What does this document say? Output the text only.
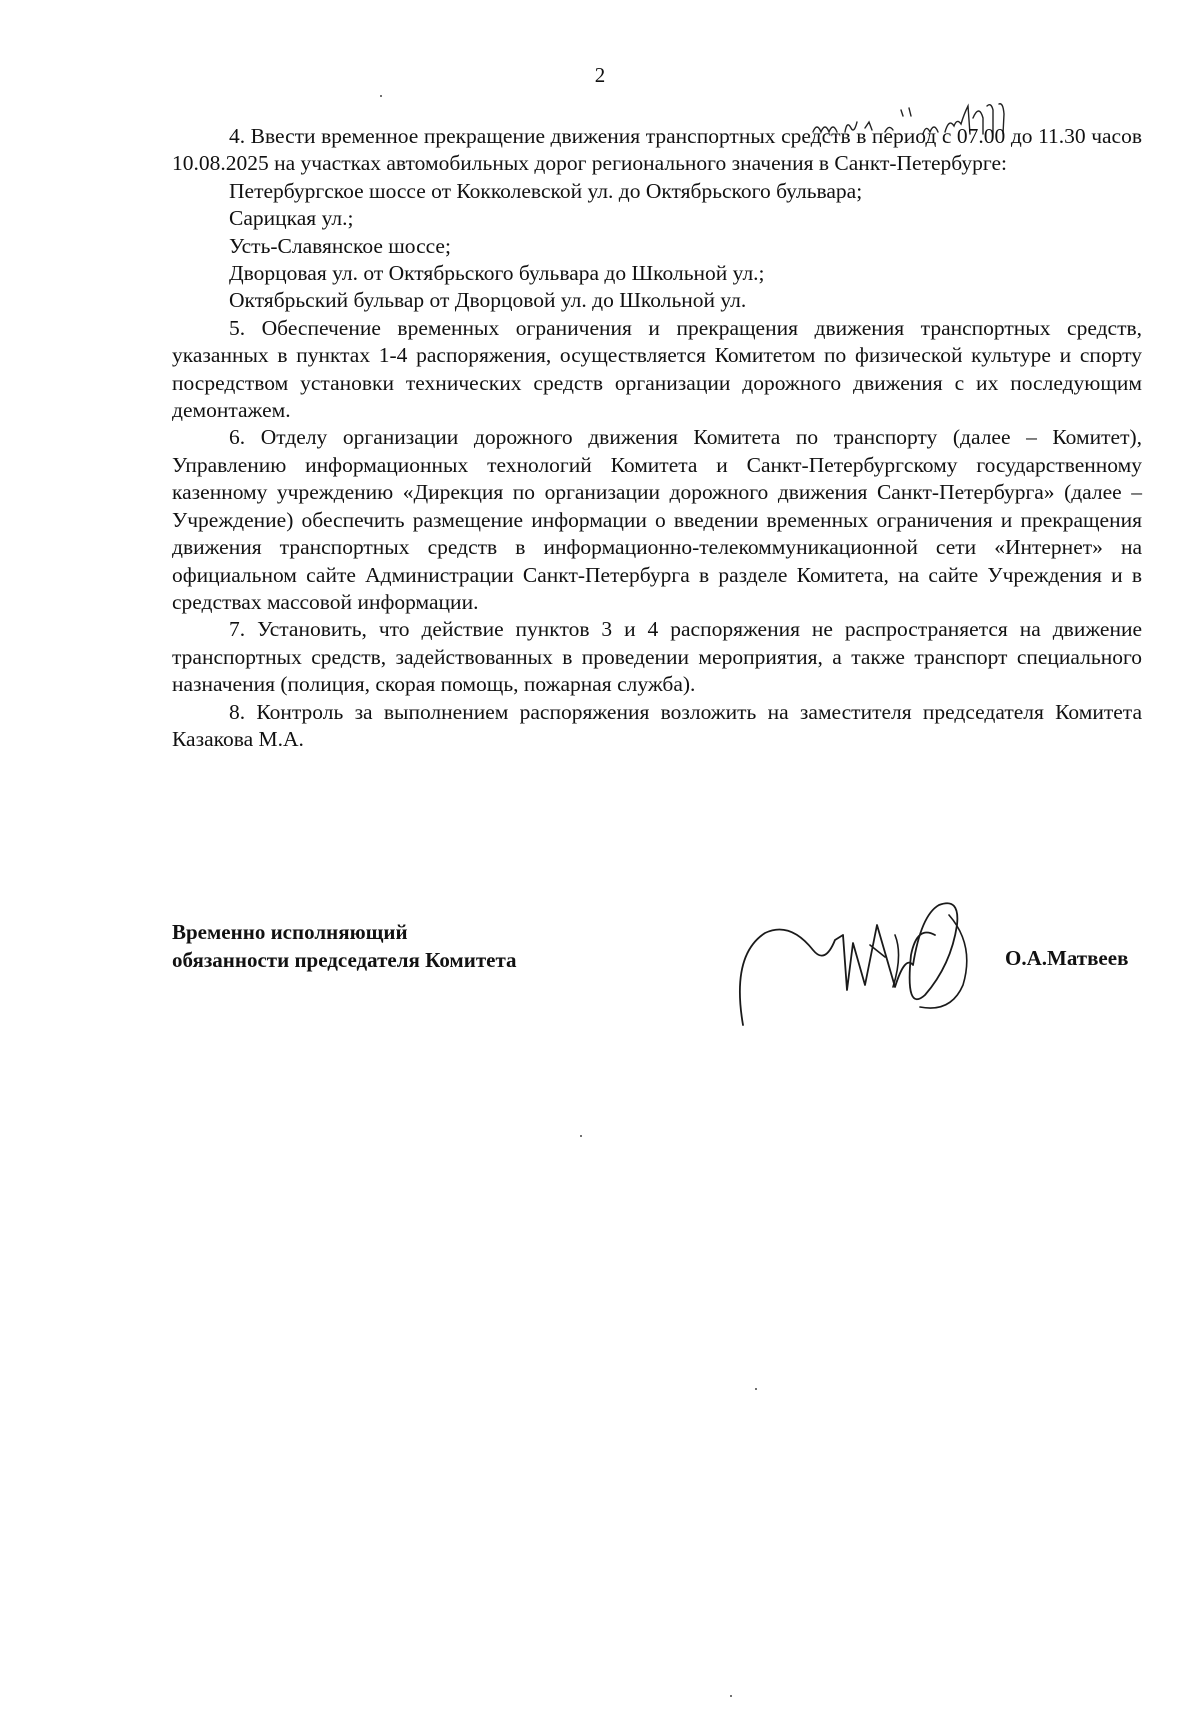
2

4. Ввести временное прекращение движения транспортных средств в период с 07.00 до 11.30 часов 10.08.2025 на участках автомобильных дорог регионального значения в Санкт-Петербурге:

Петербургское шоссе от Кокколевской ул. до Октябрьского бульвара;

Сарицкая ул.;

Усть-Славянское шоссе;

Дворцовая ул. от Октябрьского бульвара до Школьной ул.;

Октябрьский бульвар от Дворцовой ул. до Школьной ул.

5. Обеспечение временных ограничения и прекращения движения транспортных средств, указанных в пунктах 1-4 распоряжения, осуществляется Комитетом по физической культуре и спорту посредством установки технических средств организации дорожного движения с их последующим демонтажем.

6. Отделу организации дорожного движения Комитета по транспорту (далее – Комитет), Управлению информационных технологий Комитета и Санкт-Петербургскому государственному казенному учреждению «Дирекция по организации дорожного движения Санкт-Петербурга» (далее – Учреждение) обеспечить размещение информации о введении временных ограничения и прекращения движения транспортных средств в информационно-телекоммуникационной сети «Интернет» на официальном сайте Администрации Санкт-Петербурга в разделе Комитета, на сайте Учреждения и в средствах массовой информации.

7. Установить, что действие пунктов 3 и 4 распоряжения не распространяется на движение транспортных средств, задействованных в проведении мероприятия, а также транспорт специального назначения (полиция, скорая помощь, пожарная служба).

8. Контроль за выполнением распоряжения возложить на заместителя председателя Комитета Казакова М.А.

Временно исполняющий
обязанности председателя Комитета	О.А.Матвеев
